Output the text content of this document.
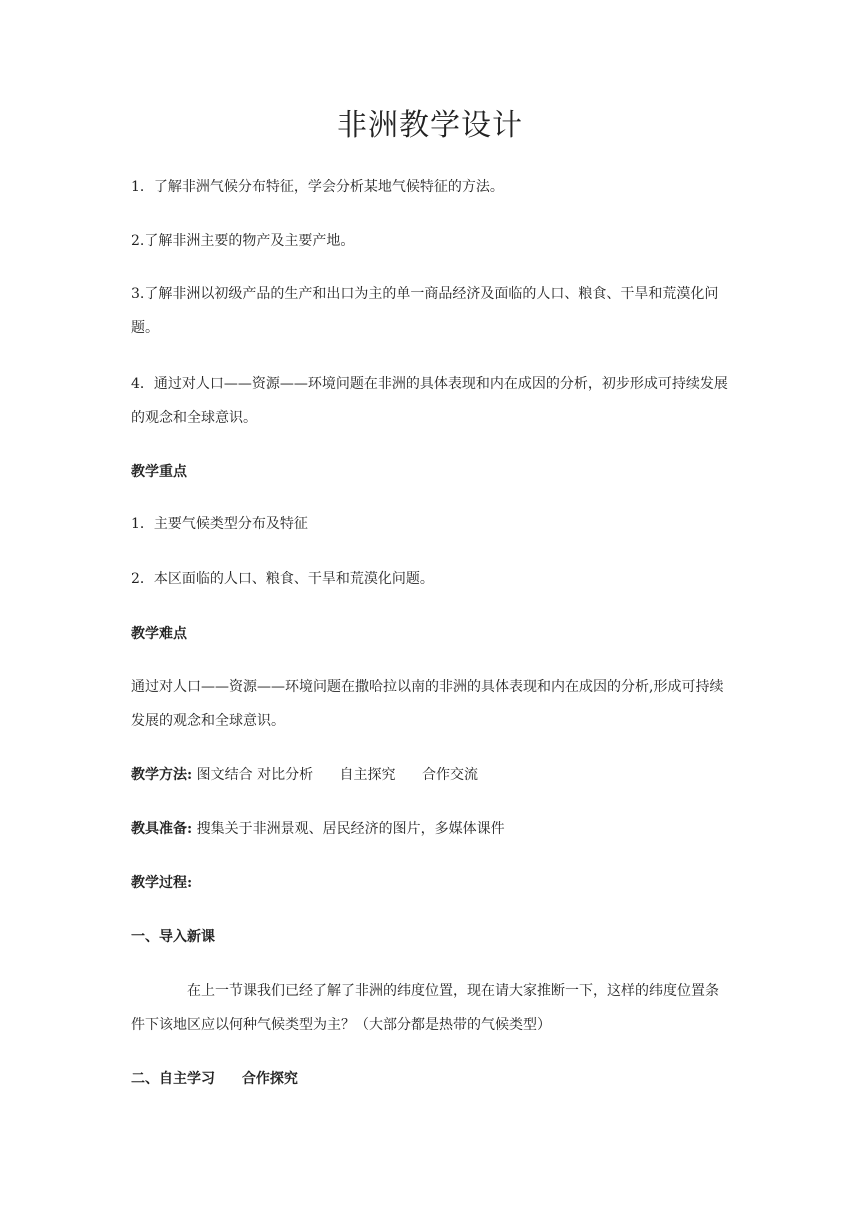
非洲教学设计

1．了解非洲气候分布特征，学会分析某地气候特征的方法。

2.了解非洲主要的物产及主要产地。

3.了解非洲以初级产品的生产和出口为主的单一商品经济及面临的人口、粮食、干旱和荒漠化问题。

4．通过对人口——资源——环境问题在非洲的具体表现和内在成因的分析，初步形成可持续发展的观念和全球意识。

教学重点

1．主要气候类型分布及特征

2．本区面临的人口、粮食、干旱和荒漠化问题。

教学难点

通过对人口——资源——环境问题在撒哈拉以南的非洲的具体表现和内在成因的分析,形成可持续发展的观念和全球意识。

教学方法: 图文结合 对比分析 自主探究 合作交流

教具准备: 搜集关于非洲景观、居民经济的图片，多媒体课件

教学过程:

一、导入新课

在上一节课我们已经了解了非洲的纬度位置，现在请大家推断一下，这样的纬度位置条件下该地区应以何种气候类型为主？（大部分都是热带的气候类型）

二、自主学习 合作探究
